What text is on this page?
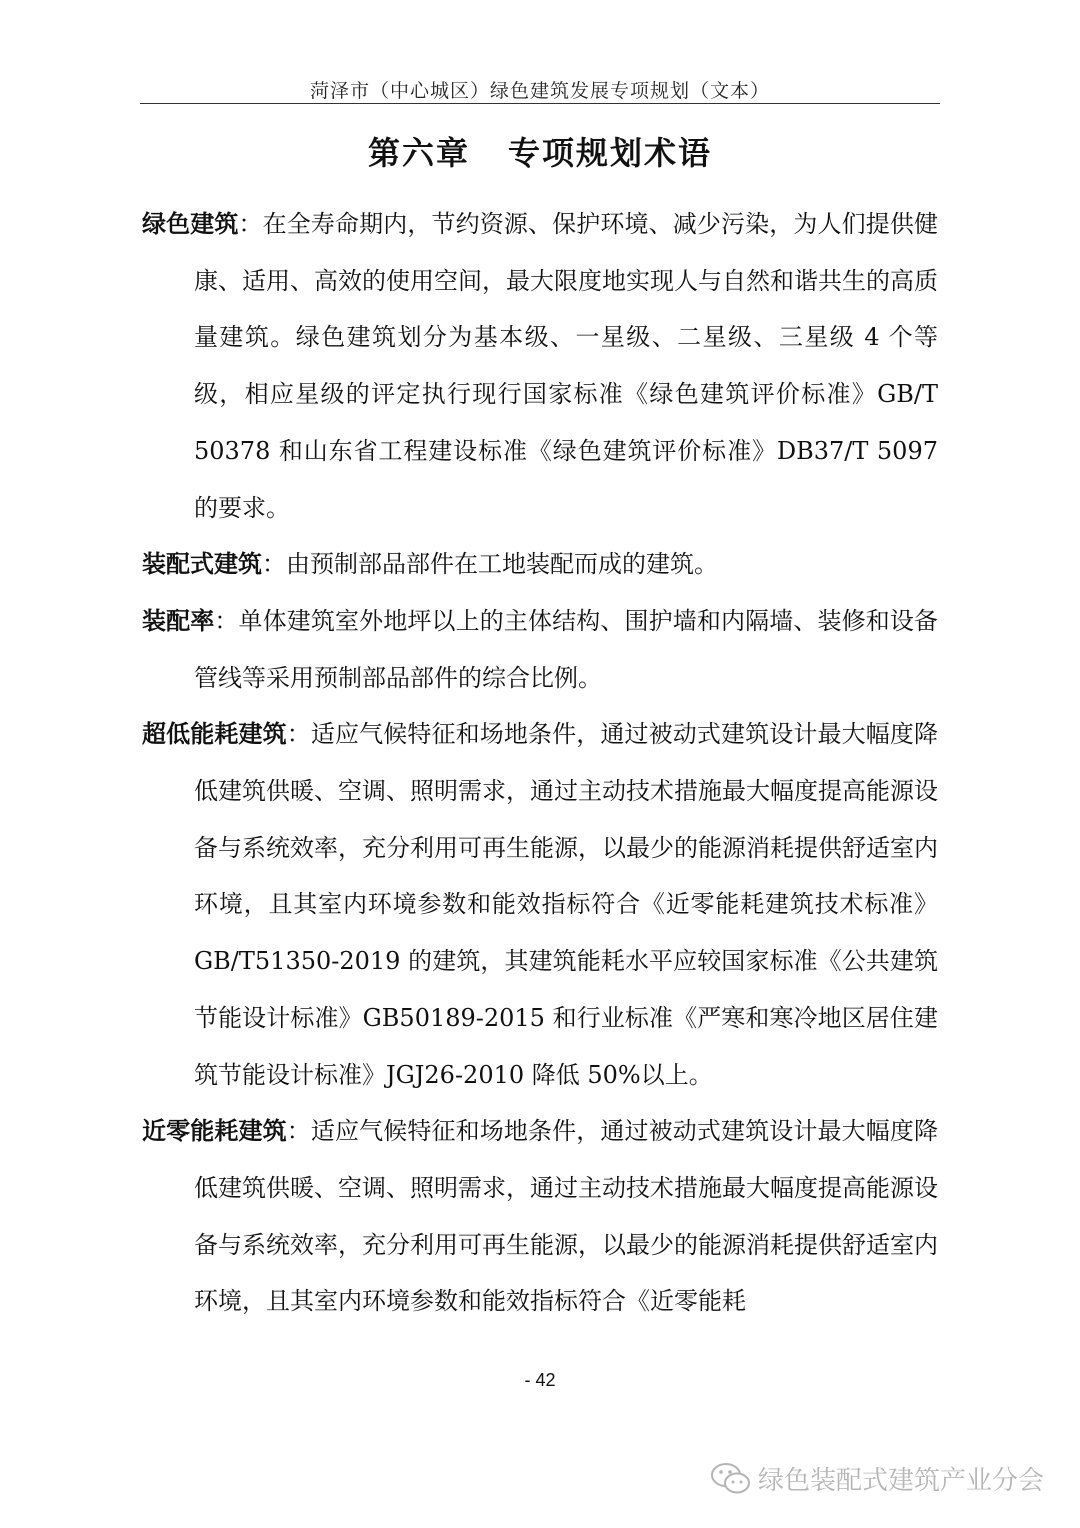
菏泽市（中心城区）绿色建筑发展专项规划（文本）
第六章 专项规划术语

绿色建筑：在全寿命期内，节约资源、保护环境、减少污染，为人们提供健康、适用、高效的使用空间，最大限度地实现人与自然和谐共生的高质量建筑。绿色建筑划分为基本级、一星级、二星级、三星级 4 个等级，相应星级的评定执行现行国家标准《绿色建筑评价标准》GB/T 50378 和山东省工程建设标准《绿色建筑评价标准》DB37/T 5097 的要求。

装配式建筑：由预制部品部件在工地装配而成的建筑。

装配率：单体建筑室外地坪以上的主体结构、围护墙和内隔墙、装修和设备管线等采用预制部品部件的综合比例。

超低能耗建筑：适应气候特征和场地条件，通过被动式建筑设计最大幅度降低建筑供暖、空调、照明需求，通过主动技术措施最大幅度提高能源设备与系统效率，充分利用可再生能源，以最少的能源消耗提供舒适室内环境，且其室内环境参数和能效指标符合《近零能耗建筑技术标准》GB/T51350-2019 的建筑，其建筑能耗水平应较国家标准《公共建筑节能设计标准》GB50189-2015 和行业标准《严寒和寒冷地区居住建筑节能设计标准》JGJ26-2010 降低 50%以上。

近零能耗建筑：适应气候特征和场地条件，通过被动式建筑设计最大幅度降低建筑供暖、空调、照明需求，通过主动技术措施最大幅度提高能源设备与系统效率，充分利用可再生能源，以最少的能源消耗提供舒适室内环境，且其室内环境参数和能效指标符合《近零能耗

- 42
绿色装配式建筑产业分会
